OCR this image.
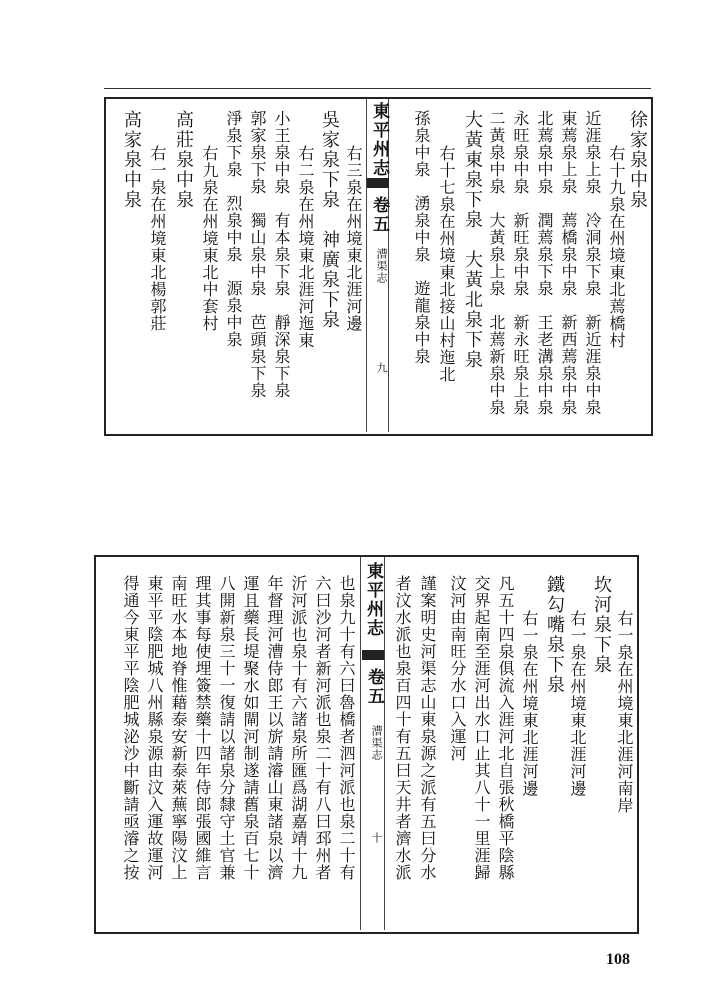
東平州志
卷五
漕渠志
九
徐家泉中泉
右十九泉在州境東北蔫橋村
近涯泉上泉　冷洞泉下泉　新近涯泉中泉
東蔫泉上泉　蔫橋泉中泉　新西蔫泉中泉
北蔫泉中泉　潤蔫泉下泉　王老溝泉中泉
永旺泉中泉　新旺泉中泉　新永旺泉上泉
二黃泉中泉　大黃泉上泉　北蔫新泉中泉
大黃東泉下泉　大黃北泉下泉
右十七泉在州境東北接山村迤北
孫泉中泉　湧泉中泉　遊龍泉中泉
右三泉在州境東北涯河邊
吳家泉下泉　神廣泉下泉
右二泉在州境東北涯河迤東
小王泉中泉　有本泉下泉　靜深泉下泉
郭家泉下泉　獨山泉中泉　芭頭泉下泉
淨泉下泉　烈泉中泉　源泉中泉
右九泉在州境東北中套村
高莊泉中泉
右一泉在州境東北楊郭莊
高家泉中泉
東平州志
卷五
漕渠志
十
右一泉在州境東北涯河南岸
坎河泉下泉
右一泉在州境東北涯河邊
鐵勾嘴泉下泉
右一泉在州境東北涯河邊
凡五十四泉俱流入涯河北自張秋橋平陰縣
交界起南至涯河出水口止其八十一里涯歸
汶河由南旺分水口入運河
謹案明史河渠志山東泉源之派有五曰分水
者汶水派也泉百四十有五曰天井者濟水派
也泉九十有六曰魯橋者泗河派也泉二十有
六曰沙河者新河派也泉二十有八曰邳州者
沂河派也泉十有六諸泉所匯爲湖嘉靖十九
年督理河漕侍郎王以旂請濬山東諸泉以濟
運且藥長堤聚水如閘河制遂請舊泉百七十
八開新泉三十一復請以諸泉分隸守土官兼
理其事每使埋簽禁藥十四年侍郎張國維言
南旺水本地脊惟藉泰安新泰萊蕪寧陽汶上
東平平陰肥城八州縣泉源由汶入運故運河
得通今東平平陰肥城泌沙中斷請亟濬之按
108
